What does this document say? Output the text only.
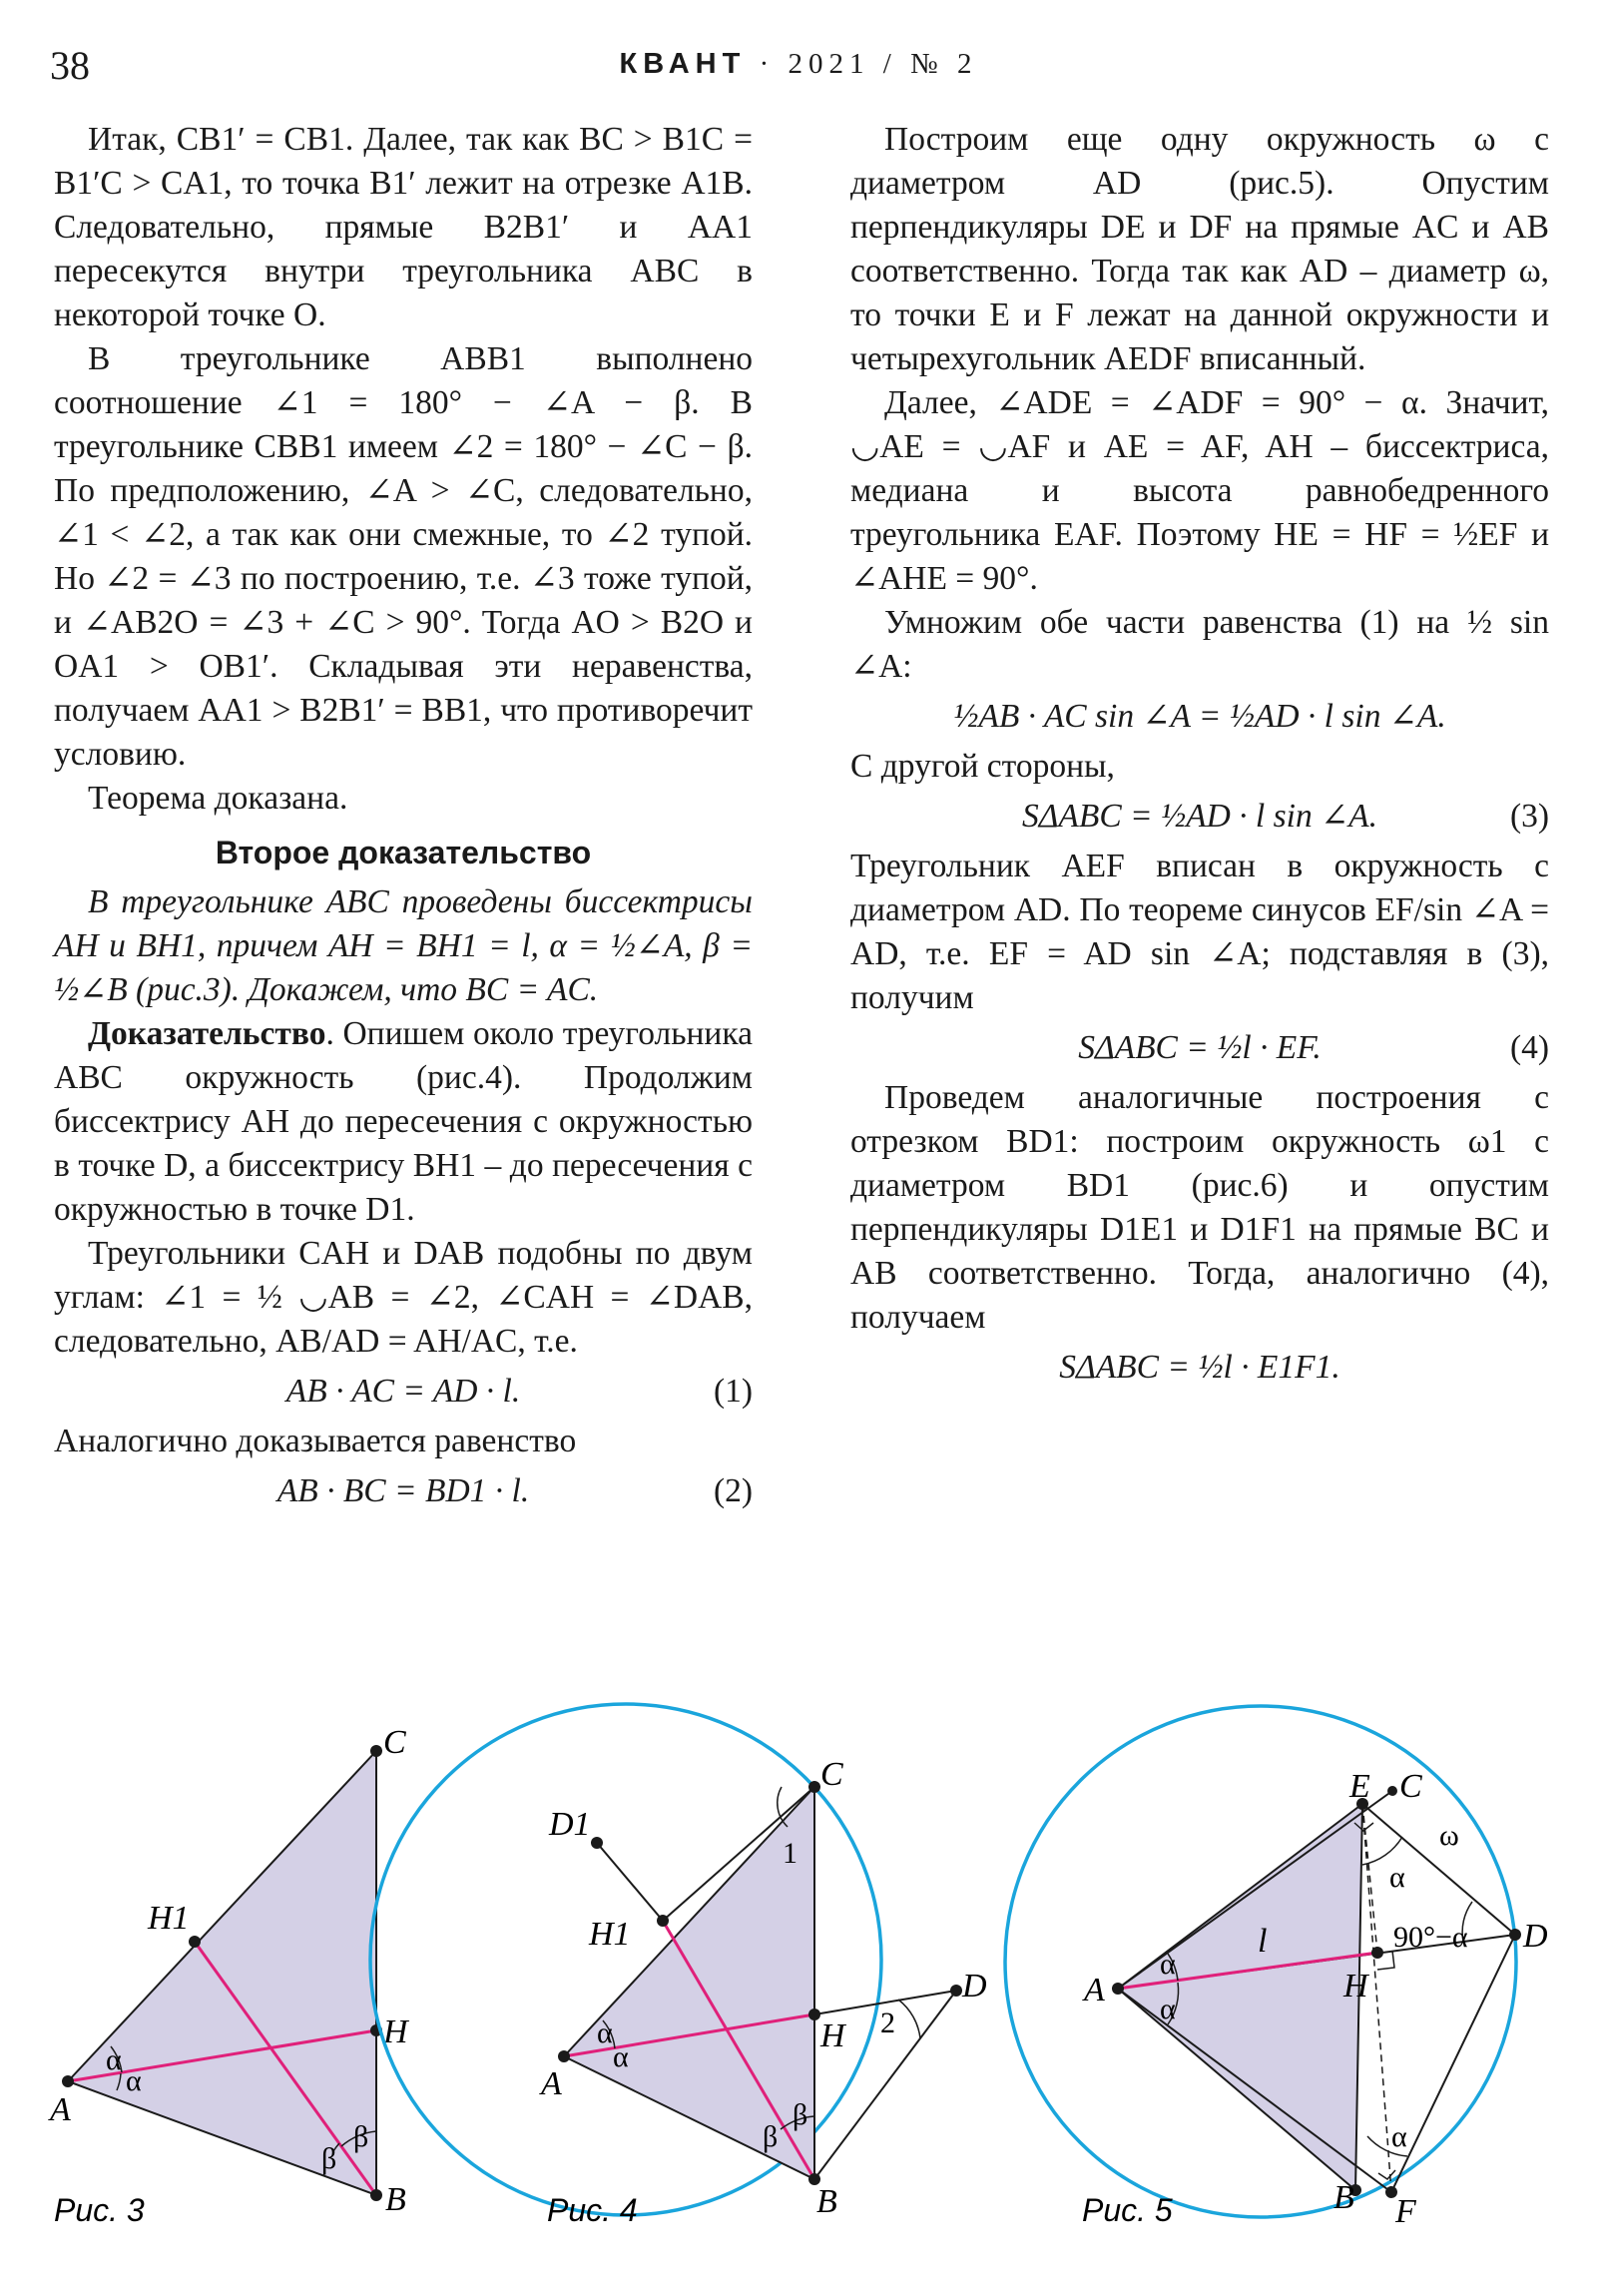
38	КВАНТ · 2021 / № 2

Итак, CB1′ = CB1. Далее, так как BC > B1C = B1′C > CA1, то точка B1′ лежит на отрезке A1B. Следовательно, прямые B2B1′ и AA1 пересекутся внутри треугольника ABC в некоторой точке O.

В треугольнике ABB1 выполнено соотношение ∠1 = 180° − ∠A − β. В треугольнике CBB1 имеем ∠2 = 180° − ∠C − β. По предположению, ∠A > ∠C, следовательно, ∠1 < ∠2, а так как они смежные, то ∠2 тупой. Но ∠2 = ∠3 по построению, т.е. ∠3 тоже тупой, и ∠AB2O = ∠3 + ∠C > 90°. Тогда AO > B2O и OA1 > OB1′. Складывая эти неравенства, получаем AA1 > B2B1′ = BB1, что противоречит условию.

Теорема доказана.

Второе доказательство

В треугольнике ABC проведены биссектрисы AH и BH1, причем AH = BH1 = l, α = ½∠A, β = ½∠B (рис.3). Докажем, что BC = AC.

Доказательство. Опишем около треугольника ABC окружность (рис.4). Продолжим биссектрису AH до пересечения с окружностью в точке D, а биссектрису BH1 – до пересечения с окружностью в точке D1.

Треугольники CAH и DAB подобны по двум углам: ∠1 = ½ ◡AB = ∠2, ∠CAH = ∠DAB, следовательно, AB/AD = AH/AC, т.е.

AB · AC = AD · l.	(1)

Аналогично доказывается равенство

AB · BC = BD1 · l.	(2)

Построим еще одну окружность ω с диаметром AD (рис.5). Опустим перпендикуляры DE и DF на прямые AC и AB соответственно. Тогда так как AD – диаметр ω, то точки E и F лежат на данной окружности и четырехугольник AEDF вписанный.

Далее, ∠ADE = ∠ADF = 90° − α. Значит, ◡AE = ◡AF и AE = AF, AH – биссектриса, медиана и высота равнобедренного треугольника EAF. Поэтому HE = HF = ½EF и ∠AHE = 90°.

Умножим обе части равенства (1) на ½ sin ∠A:

½AB · AC sin ∠A = ½AD · l sin ∠A.

С другой стороны,

SΔABC = ½AD · l sin ∠A.	(3)

Треугольник AEF вписан в окружность с диаметром AD. По теореме синусов EF/sin ∠A = AD, т.е. EF = AD sin ∠A; подставляя в (3), получим

SΔABC = ½l · EF.	(4)

Проведем аналогичные построения с отрезком BD1: построим окружность ω1 с диаметром BD1 (рис.6) и опустим перпендикуляры D1E1 и D1F1 на прямые BC и AB соответственно. Тогда, аналогично (4), получаем

SΔABC = ½l · E1F1.
A
B
C
H
H1
α
α
β
β
Рис. 3
A
B
C
H
H1
D
D1
α
α
β
β
1
2
Рис. 4
A
B
C
D
E
F
H
l
ω
α
α
α
α
90°−α
Рис. 5
